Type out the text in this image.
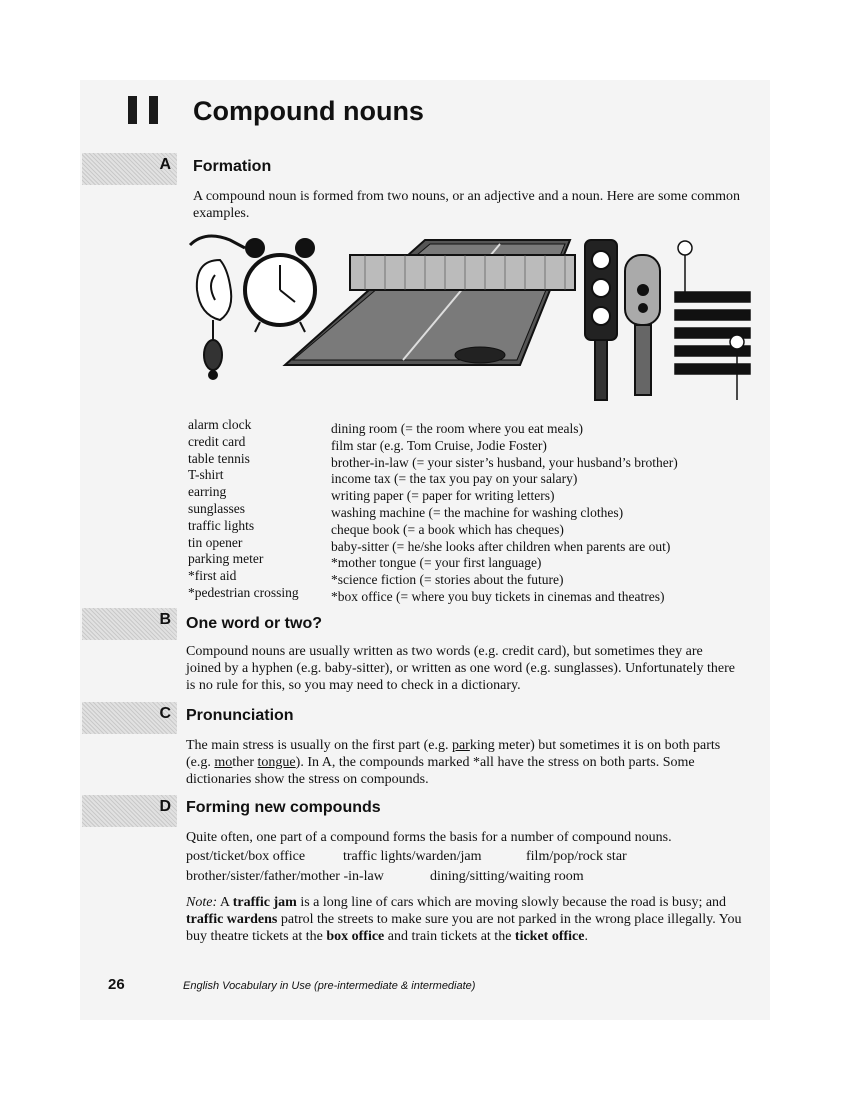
Compound nouns
A Formation
A compound noun is formed from two nouns, or an adjective and a noun. Here are some common examples.
alarm clock
credit card
table tennis
T-shirt
earring
sunglasses
traffic lights
tin opener
parking meter
*first aid
*pedestrian crossing
dining room (= the room where you eat meals)
film star (e.g. Tom Cruise, Jodie Foster)
brother-in-law (= your sister’s husband, your husband’s brother)
income tax (= the tax you pay on your salary)
writing paper (= paper for writing letters)
washing machine (= the machine for washing clothes)
cheque book (= a book which has cheques)
baby-sitter (= he/she looks after children when parents are out)
*mother tongue (= your first language)
*science fiction (= stories about the future)
*box office (= where you buy tickets in cinemas and theatres)
B One word or two?
Compound nouns are usually written as two words (e.g. credit card), but sometimes they are joined by a hyphen (e.g. baby-sitter), or written as one word (e.g. sunglasses). Unfortunately there is no rule for this, so you may need to check in a dictionary.
C Pronunciation
The main stress is usually on the first part (e.g. parking meter) but sometimes it is on both parts (e.g. mother tongue). In A, the compounds marked *all have the stress on both parts. Some dictionaries show the stress on compounds.
D Forming new compounds
Quite often, one part of a compound forms the basis for a number of compound nouns.
post/ticket/box office	traffic lights/warden/jam	film/pop/rock star
brother/sister/father/mother -in-law	dining/sitting/waiting room
Note: A traffic jam is a long line of cars which are moving slowly because the road is busy; and traffic wardens patrol the streets to make sure you are not parked in the wrong place illegally. You buy theatre tickets at the box office and train tickets at the ticket office.
26	English Vocabulary in Use (pre-intermediate & intermediate)
